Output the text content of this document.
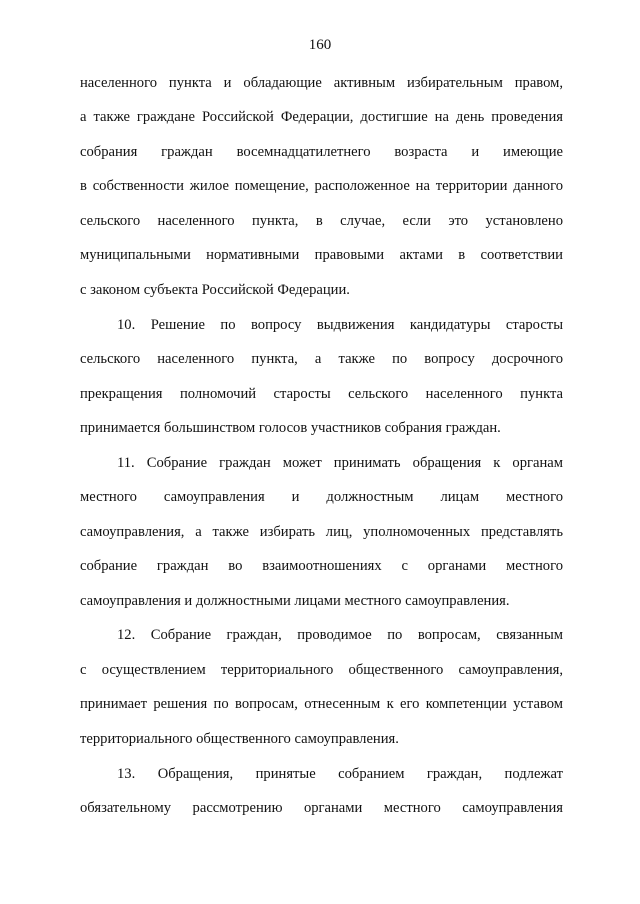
160
населенного пункта и обладающие активным избирательным правом,
а также граждане Российской Федерации, достигшие на день проведения
собрания граждан восемнадцатилетнего возраста и имеющие
в собственности жилое помещение, расположенное на территории данного
сельского населенного пункта, в случае, если это установлено
муниципальными нормативными правовыми актами в соответствии
с законом субъекта Российской Федерации.
10. Решение по вопросу выдвижения кандидатуры старосты
сельского населенного пункта, а также по вопросу досрочного
прекращения полномочий старосты сельского населенного пункта
принимается большинством голосов участников собрания граждан.
11. Собрание граждан может принимать обращения к органам
местного самоуправления и должностным лицам местного
самоуправления, а также избирать лиц, уполномоченных представлять
собрание граждан во взаимоотношениях с органами местного
самоуправления и должностными лицами местного самоуправления.
12. Собрание граждан, проводимое по вопросам, связанным
с осуществлением территориального общественного самоуправления,
принимает решения по вопросам, отнесенным к его компетенции уставом
территориального общественного самоуправления.
13. Обращения, принятые собранием граждан, подлежат
обязательному рассмотрению органами местного самоуправления
